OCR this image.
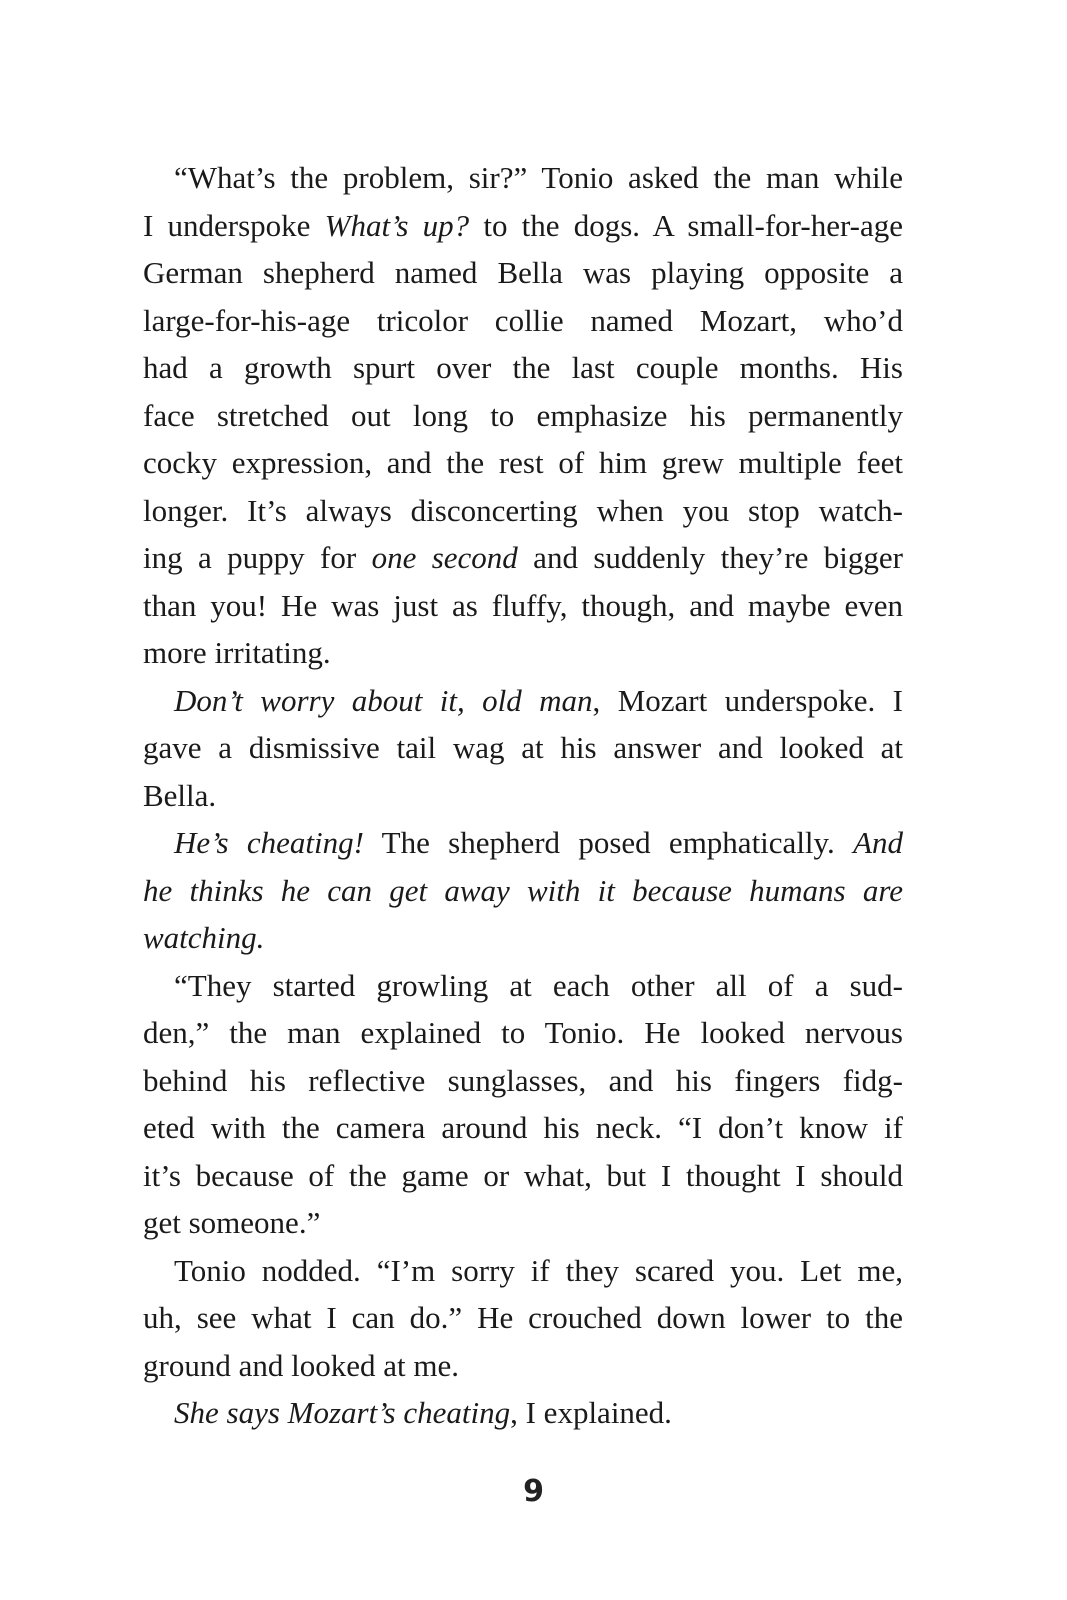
“What’s the problem, sir?” Tonio asked the man while
I underspoke What’s up? to the dogs. A small-for-her-age
German shepherd named Bella was playing opposite a
large-for-his-age tricolor collie named Mozart, who’d
had a growth spurt over the last couple months. His
face stretched out long to emphasize his permanently
cocky expression, and the rest of him grew multiple feet
longer. It’s always disconcerting when you stop watch-
ing a puppy for one second and suddenly they’re bigger
than you! He was just as fluffy, though, and maybe even
more irritating.
Don’t worry about it, old man, Mozart underspoke. I
gave a dismissive tail wag at his answer and looked at
Bella.
He’s cheating! The shepherd posed emphatically. And
he thinks he can get away with it because humans are
watching.
“They started growling at each other all of a sud-
den,” the man explained to Tonio. He looked nervous
behind his reflective sunglasses, and his fingers fidg-
eted with the camera around his neck. “I don’t know if
it’s because of the game or what, but I thought I should
get someone.”
Tonio nodded. “I’m sorry if they scared you. Let me,
uh, see what I can do.” He crouched down lower to the
ground and looked at me.
She says Mozart’s cheating, I explained.
9
